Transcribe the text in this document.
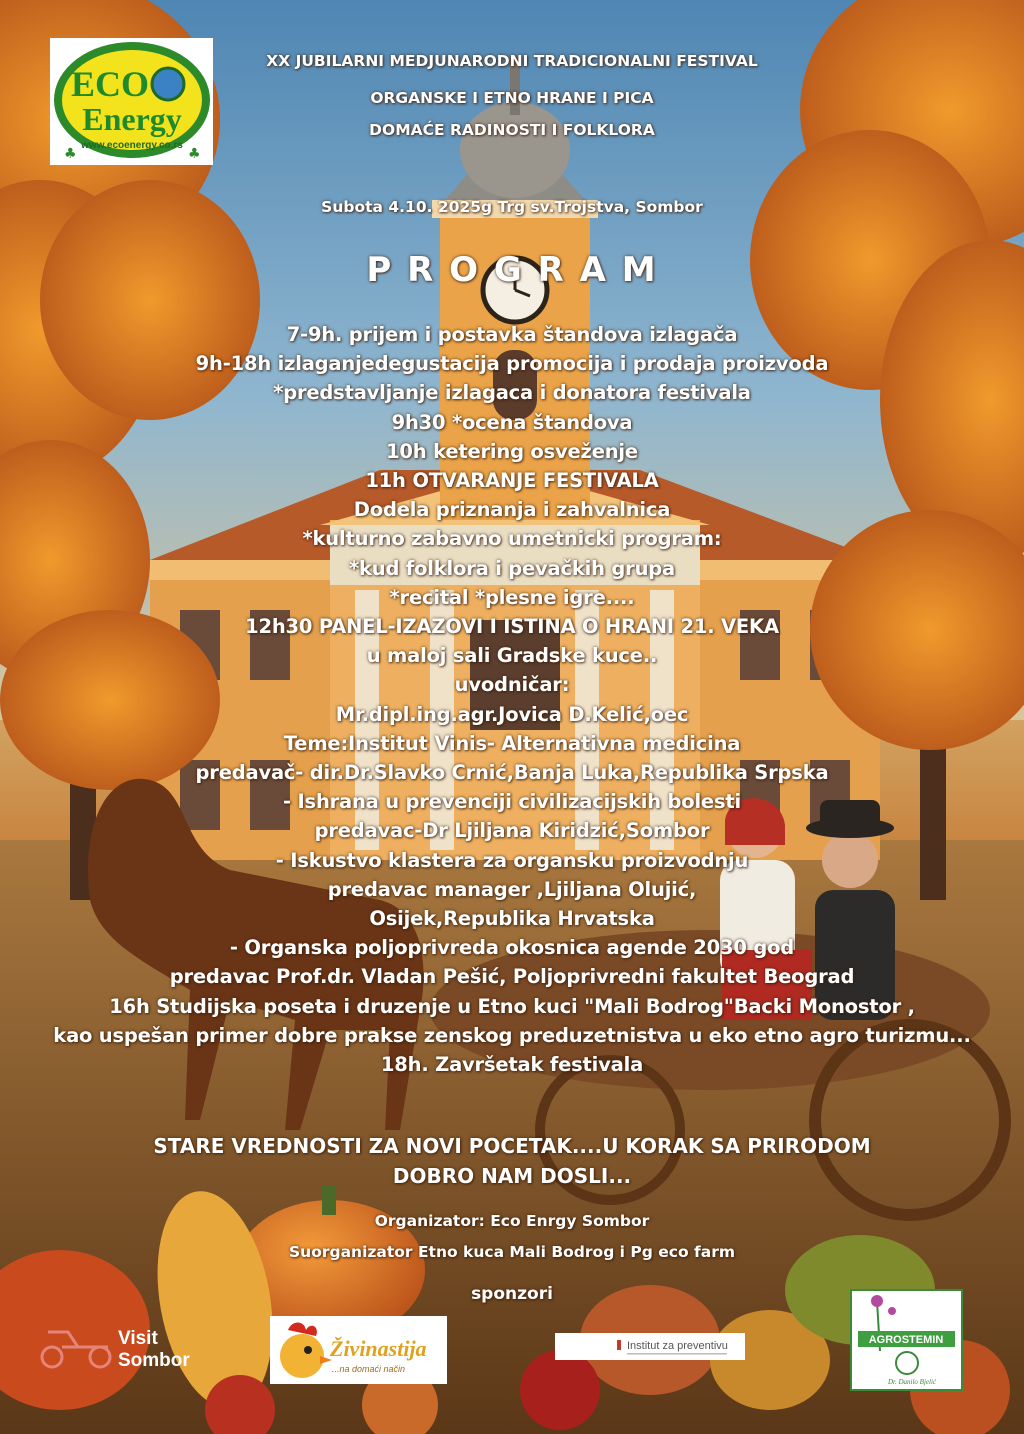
ECO
Energy
www.ecoenergy.co.rs
♣	♣
XX JUBILARNI MEDJUNARODNI TRADICIONALNI FESTIVAL
ORGANSKE I ETNO HRANE I PICA
DOMAĆE RADINOSTI I FOLKLORA
Subota 4.10. 2025g Trg sv.Trojstva, Sombor
P R O G R A M
7-9h. prijem i postavka štandova izlagača
9h-18h izlaganjedegustacija promocija i prodaja proizvoda
*predstavljanje izlagaca i donatora festivala
9h30 *ocena štandova
10h ketering osveženje
11h OTVARANJE FESTIVALA
Dodela priznanja i zahvalnica
*kulturno zabavno umetnicki program:
*kud folklora i pevačkih grupa
*recital *plesne igre....
12h30 PANEL-IZAZOVI I ISTINA O HRANI 21. VEKA
u maloj sali Gradske kuce..
uvodničar:
Mr.dipl.ing.agr.Jovica D.Kelić,oec
Teme:Institut Vinis- Alternativna medicina
predavač- dir.Dr.Slavko Crnić,Banja Luka,Republika Srpska
- Ishrana u prevenciji civilizacijskih bolesti
predavac-Dr Ljiljana Kiridzić,Sombor
- Iskustvo klastera za organsku proizvodnju
predavac manager ,Ljiljana Olujić,
Osijek,Republika Hrvatska
- Organska poljoprivreda okosnica agende 2030 god
predavac Prof.dr. Vladan Pešić, Poljoprivredni fakultet Beograd
16h Studijska poseta i druzenje u Etno kuci "Mali Bodrog"Backi Monostor ,
kao uspešan primer dobre prakse zenskog preduzetnistva u eko etno agro turizmu...
18h. Završetak festivala
STARE VREDNOSTI ZA NOVI POCETAK....U KORAK SA PRIRODOM
DOBRO NAM DOSLI...
Organizator: Eco Enrgy Sombor
Suorganizator Etno kuca Mali Bodrog i Pg eco farm
sponzori
Visit
Sombor	Živinastija
...na domaći način
Institut za preventivu	AGROSTEMIN
Dr. Danilo Bjelić
